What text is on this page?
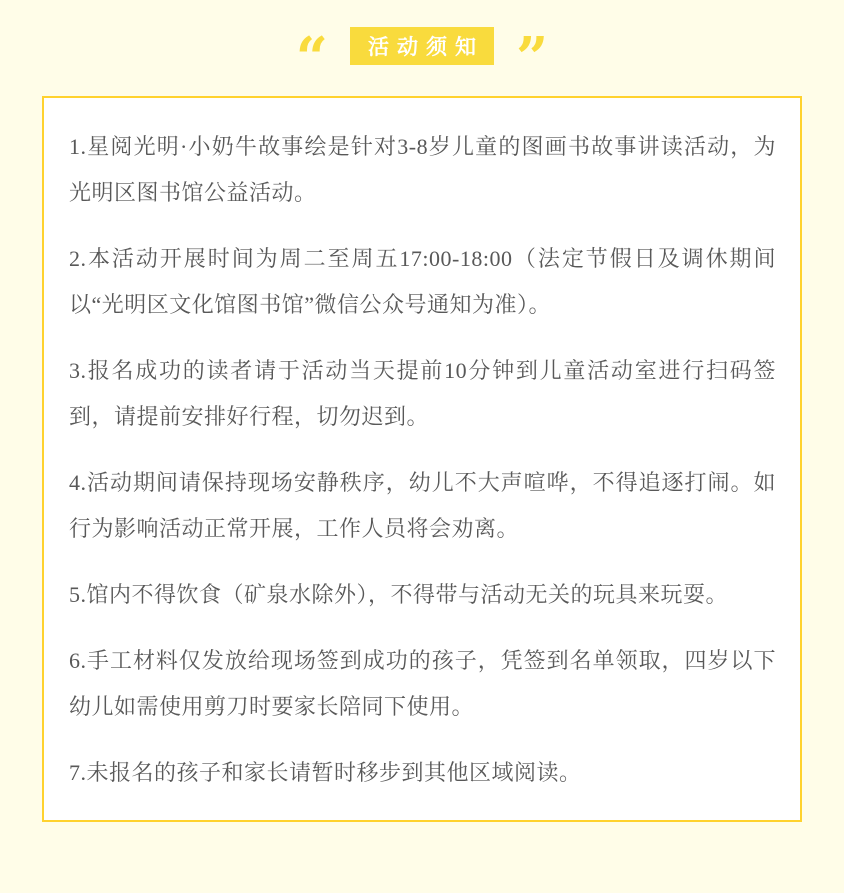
“	活动须知 ”

1.星阅光明·小奶牛故事绘是针对3-8岁儿童的图画书故事讲读活动，为光明区图书馆公益活动。

2.本活动开展时间为周二至周五17:00-18:00（法定节假日及调休期间以“光明区文化馆图书馆”微信公众号通知为准）。

3.报名成功的读者请于活动当天提前10分钟到儿童活动室进行扫码签到，请提前安排好行程，切勿迟到。

4.活动期间请保持现场安静秩序，幼儿不大声喧哗，不得追逐打闹。如行为影响活动正常开展，工作人员将会劝离。

5.馆内不得饮食（矿泉水除外），不得带与活动无关的玩具来玩耍。

6.手工材料仅发放给现场签到成功的孩子，凭签到名单领取，四岁以下幼儿如需使用剪刀时要家长陪同下使用。

7.未报名的孩子和家长请暂时移步到其他区域阅读。
